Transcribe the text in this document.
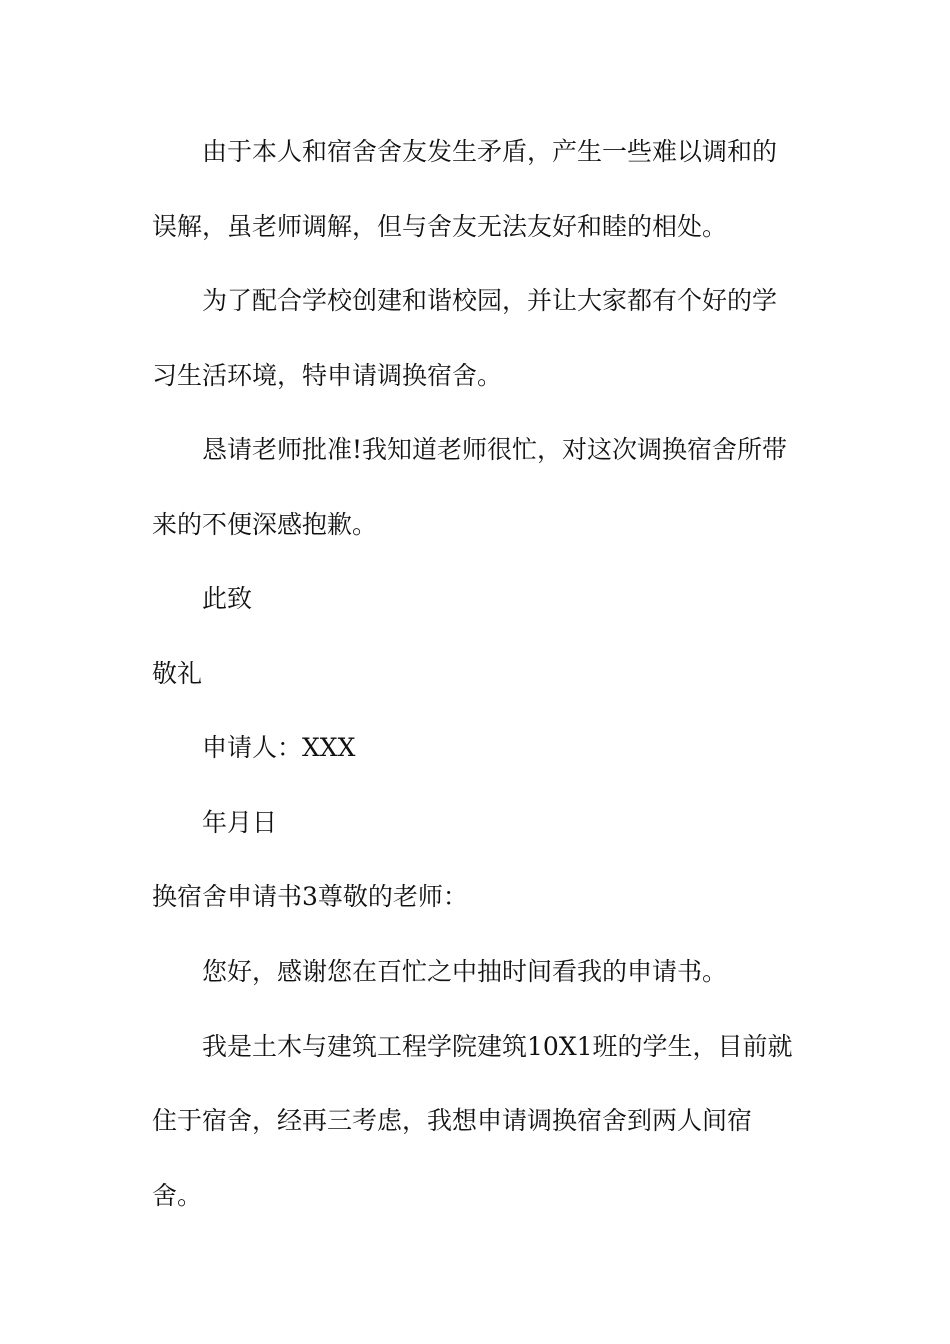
由于本人和宿舍舍友发生矛盾，产生一些难以调和的
误解，虽老师调解，但与舍友无法友好和睦的相处。
为了配合学校创建和谐校园，并让大家都有个好的学
习生活环境，特申请调换宿舍。
恳请老师批准!我知道老师很忙，对这次调换宿舍所带
来的不便深感抱歉。
此致
敬礼
申请人：XXX
年月日
换宿舍申请书3尊敬的老师：
您好，感谢您在百忙之中抽时间看我的申请书。
我是土木与建筑工程学院建筑10X1班的学生，目前就
住于宿舍，经再三考虑，我想申请调换宿舍到两人间宿
舍。
